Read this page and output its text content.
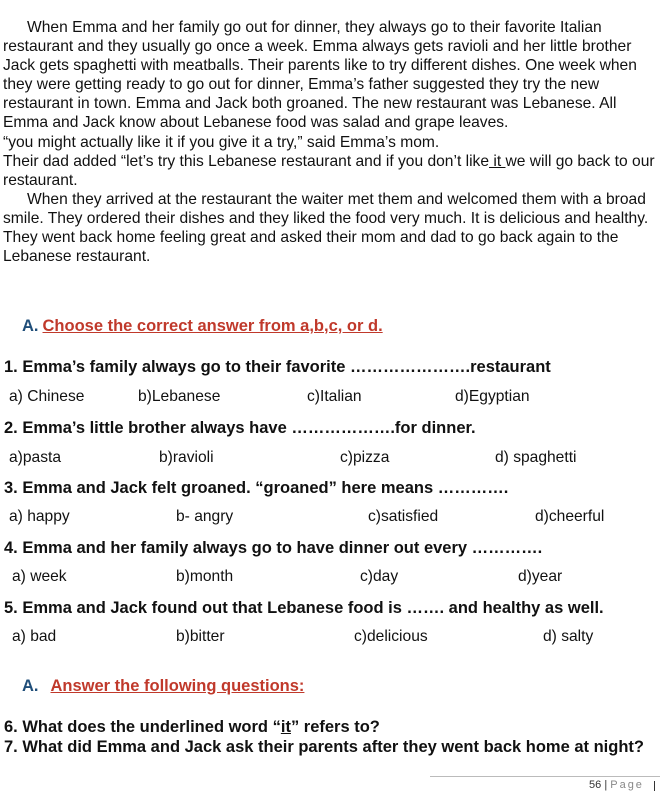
When Emma and her family go out for dinner, they always go to their favorite Italian restaurant and they usually go once a week. Emma always gets ravioli and her little brother Jack gets spaghetti with meatballs. Their parents like to try different dishes. One week when they were getting ready to go out for dinner, Emma’s father suggested they try the new restaurant in town. Emma and Jack both groaned. The new restaurant was Lebanese. All Emma and Jack know about Lebanese food was salad and grape leaves.

“you might actually like it if you give it a try,” said Emma’s mom.

Their dad added “let’s try this Lebanese restaurant and if you don’t like it we will go back to our restaurant.

When they arrived at the restaurant the waiter met them and welcomed them with a broad smile. They ordered their dishes and they liked the food very much. It is delicious and healthy. They went back home feeling great and asked their mom and dad to go back again to the Lebanese restaurant.

A. Choose the correct answer from a,b,c, or d.
1. Emma’s family always go to their favorite ………………….restaurant
a) Chinese	b)Lebanese	c)Italian	d)Egyptian
2. Emma’s little brother always have ……………….for dinner.
a)pasta	b)ravioli	c)pizza	d) spaghetti
3. Emma and Jack felt groaned. “groaned” here means ………….
a) happy	b- angry	c)satisfied	d)cheerful
4. Emma and her family always go to have dinner out every ………….
a) week	b)month	c)day	d)year
5. Emma and Jack found out that Lebanese food is ……. and healthy as well.
a) bad	b)bitter	c)delicious	d) salty
A. Answer the following questions:
6. What does the underlined word “it” refers to?
7. What did Emma and Jack ask their parents after they went back home at night?
56 | Page
